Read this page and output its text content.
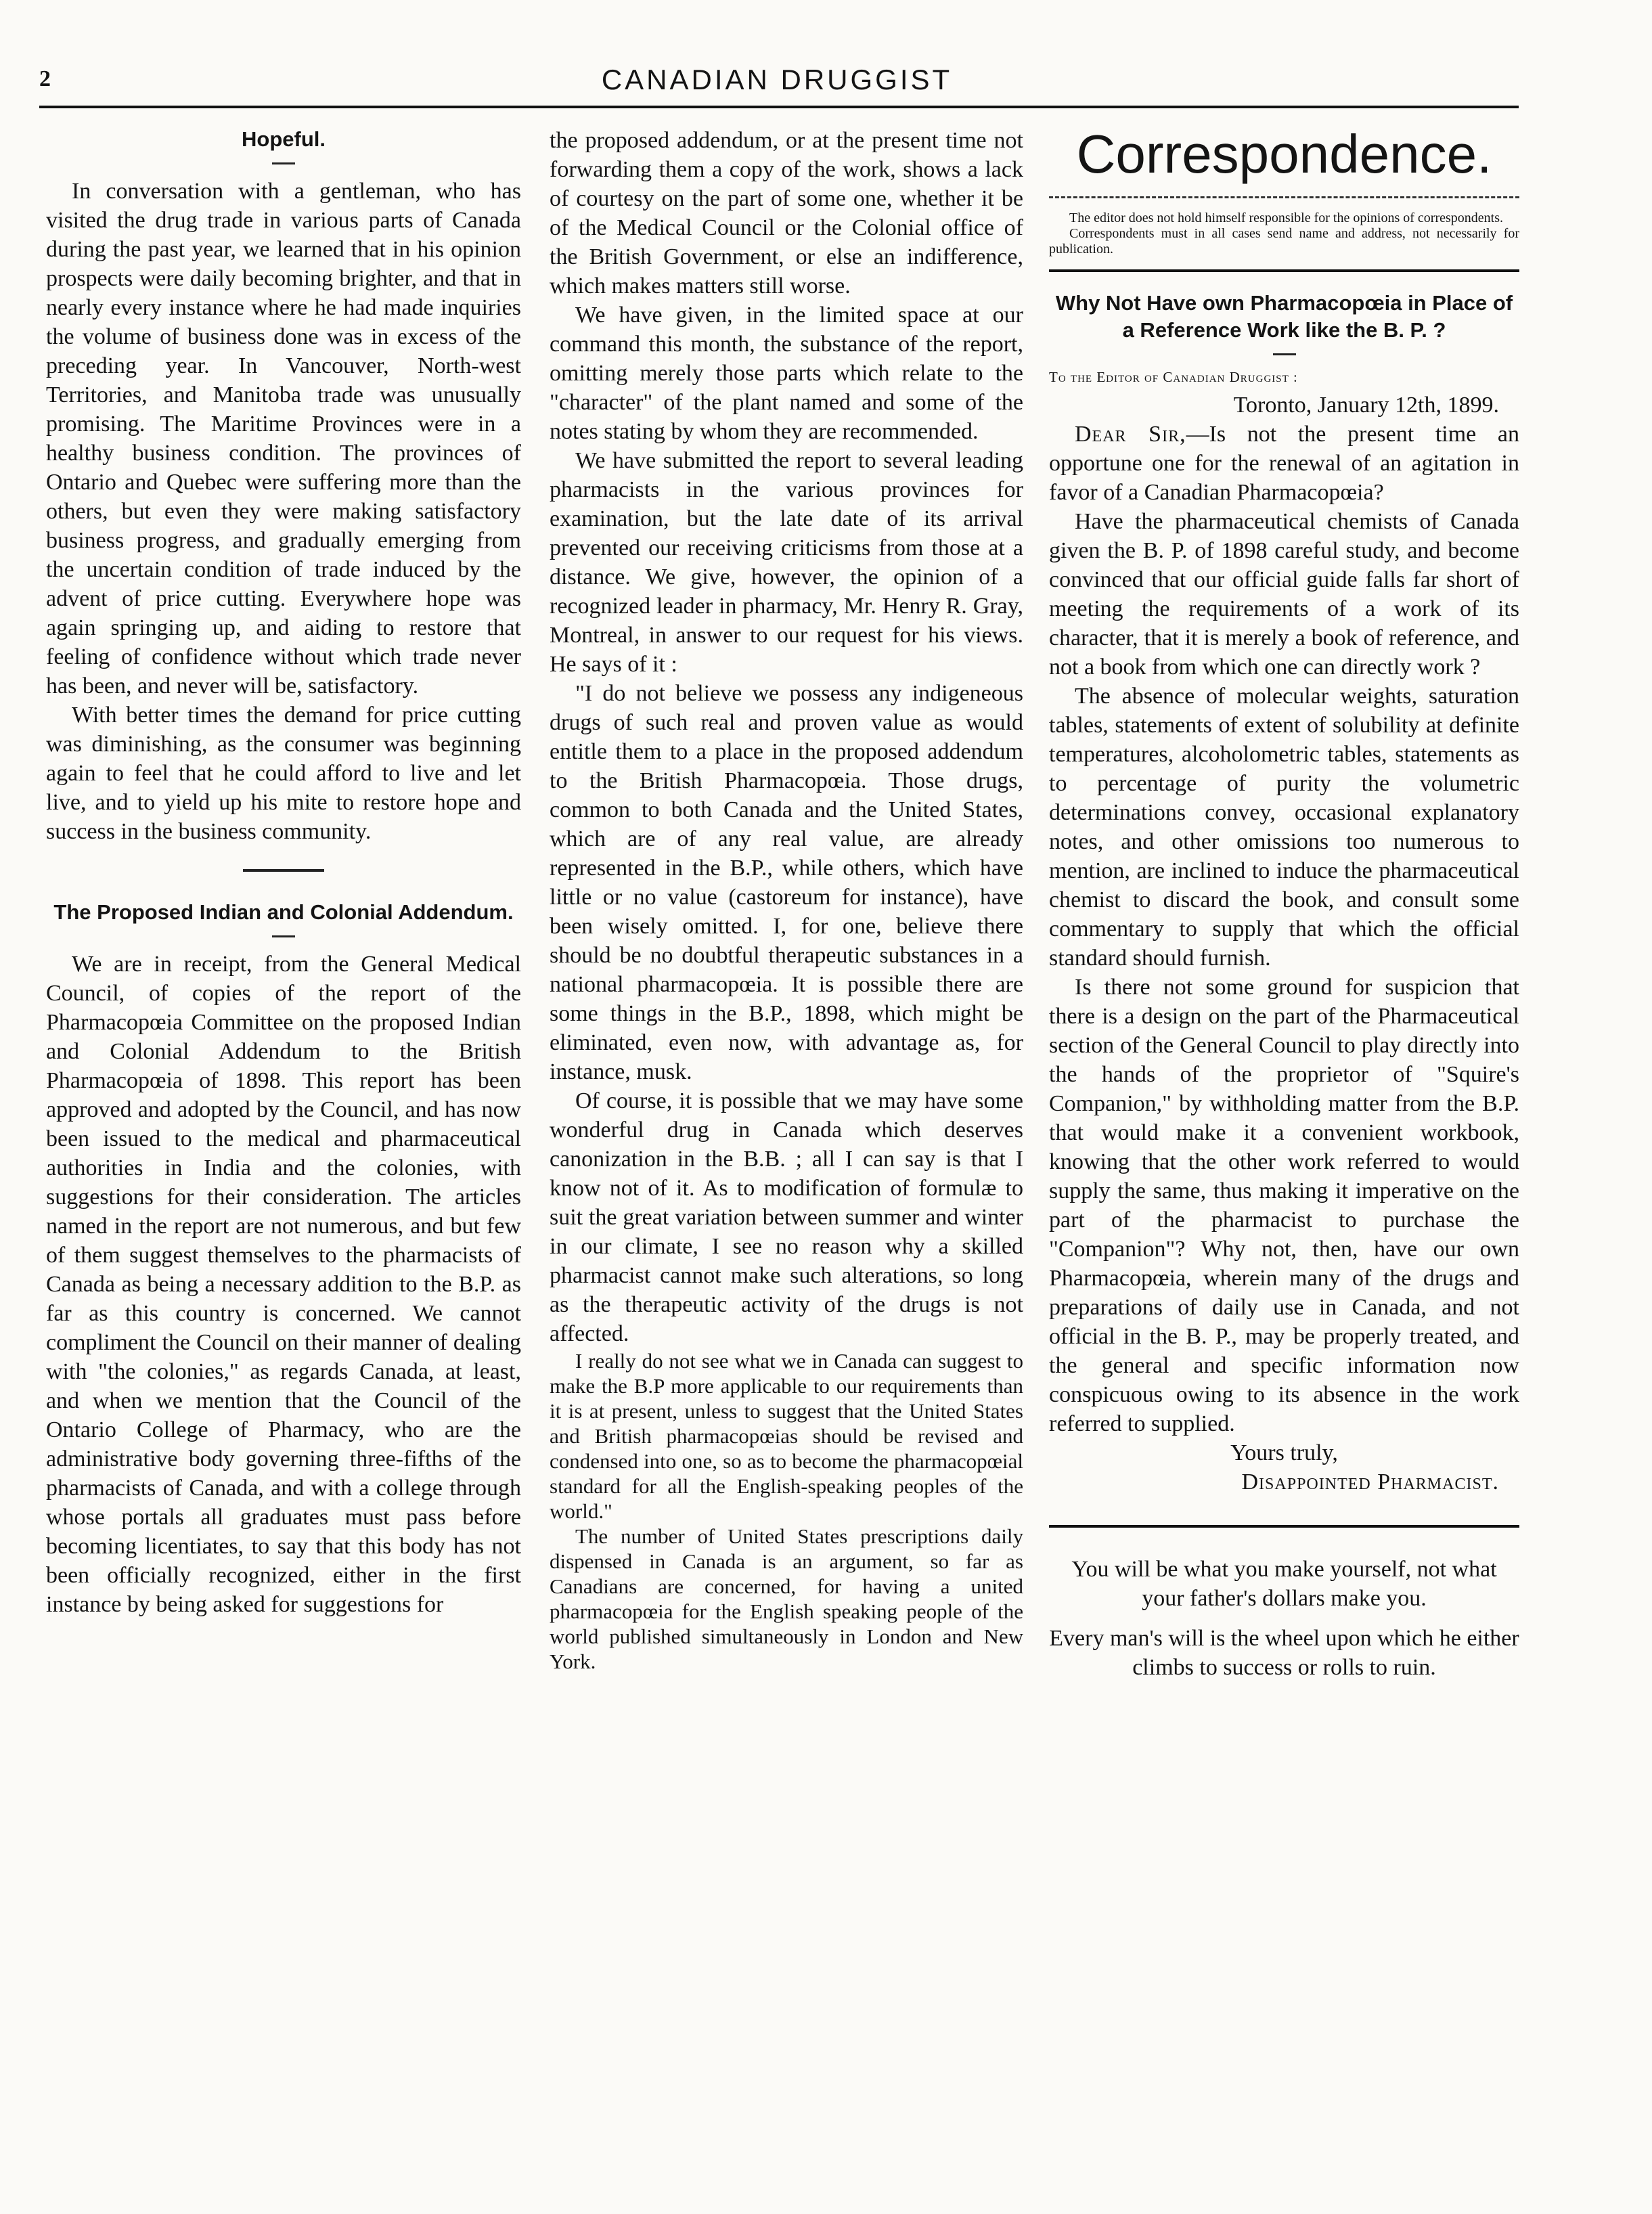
2	CANADIAN DRUGGIST
Hopeful.

In conversation with a gentleman, who has visited the drug trade in various parts of Canada during the past year, we learned that in his opinion prospects were daily becoming brighter, and that in nearly every instance where he had made inquiries the volume of business done was in excess of the preceding year. In Vancouver, North-west Territories, and Manitoba trade was unusually promising. The Maritime Provinces were in a healthy business condition. The provinces of Ontario and Quebec were suffering more than the others, but even they were making satisfactory business progress, and gradually emerging from the uncertain condition of trade induced by the advent of price cutting. Everywhere hope was again springing up, and aiding to restore that feeling of confidence without which trade never has been, and never will be, satisfactory.

With better times the demand for price cutting was diminishing, as the consumer was beginning again to feel that he could afford to live and let live, and to yield up his mite to restore hope and success in the business community.

The Proposed Indian and Colonial Addendum.

We are in receipt, from the General Medical Council, of copies of the report of the Pharmacopœia Committee on the proposed Indian and Colonial Addendum to the British Pharmacopœia of 1898. This report has been approved and adopted by the Council, and has now been issued to the medical and pharmaceutical authorities in India and the colonies, with suggestions for their consideration. The articles named in the report are not numerous, and but few of them suggest themselves to the pharmacists of Canada as being a necessary addition to the B.P. as far as this country is concerned. We cannot compliment the Council on their manner of dealing with "the colonies," as regards Canada, at least, and when we mention that the Council of the Ontario College of Pharmacy, who are the administrative body governing three-fifths of the pharmacists of Canada, and with a college through whose portals all graduates must pass before becoming licentiates, to say that this body has not been officially recognized, either in the first instance by being asked for suggestions for

the proposed addendum, or at the present time not forwarding them a copy of the work, shows a lack of courtesy on the part of some one, whether it be of the Medical Council or the Colonial office of the British Government, or else an indifference, which makes matters still worse.

We have given, in the limited space at our command this month, the substance of the report, omitting merely those parts which relate to the "character" of the plant named and some of the notes stating by whom they are recommended.

We have submitted the report to several leading pharmacists in the various provinces for examination, but the late date of its arrival prevented our receiving criticisms from those at a distance. We give, however, the opinion of a recognized leader in pharmacy, Mr. Henry R. Gray, Montreal, in answer to our request for his views. He says of it :

"I do not believe we possess any indigeneous drugs of such real and proven value as would entitle them to a place in the proposed addendum to the British Pharmacopœia. Those drugs, common to both Canada and the United States, which are of any real value, are already represented in the B.P., while others, which have little or no value (castoreum for instance), have been wisely omitted. I, for one, believe there should be no doubtful therapeutic substances in a national pharmacopœia. It is possible there are some things in the B.P., 1898, which might be eliminated, even now, with advantage as, for instance, musk.

Of course, it is possible that we may have some wonderful drug in Canada which deserves canonization in the B.B. ; all I can say is that I know not of it. As to modification of formulæ to suit the great variation between summer and winter in our climate, I see no reason why a skilled pharmacist cannot make such alterations, so long as the therapeutic activity of the drugs is not affected.

I really do not see what we in Canada can suggest to make the B.P more applicable to our requirements than it is at present, unless to suggest that the United States and British pharmacopœias should be revised and condensed into one, so as to become the pharmacopœial standard for all the English-speaking peoples of the world."

The number of United States prescriptions daily dispensed in Canada is an argument, so far as Canadians are concerned, for having a united pharmacopœia for the English speaking people of the world published simultaneously in London and New York.

Correspondence.
The editor does not hold himself responsible for the opinions of correspondents.
Correspondents must in all cases send name and address, not necessarily for publication.
Why Not Have own Pharmacopœia in Place of a Reference Work like the B. P. ?
To the Editor of Canadian Druggist :

Toronto, January 12th, 1899.

Dear Sir,—Is not the present time an opportune one for the renewal of an agitation in favor of a Canadian Pharmacopœia?

Have the pharmaceutical chemists of Canada given the B. P. of 1898 careful study, and become convinced that our official guide falls far short of meeting the requirements of a work of its character, that it is merely a book of reference, and not a book from which one can directly work ?

The absence of molecular weights, saturation tables, statements of extent of solubility at definite temperatures, alcoholometric tables, statements as to percentage of purity the volumetric determinations convey, occasional explanatory notes, and other omissions too numerous to mention, are inclined to induce the pharmaceutical chemist to discard the book, and consult some commentary to supply that which the official standard should furnish.

Is there not some ground for suspicion that there is a design on the part of the Pharmaceutical section of the General Council to play directly into the hands of the proprietor of "Squire's Companion," by withholding matter from the B.P. that would make it a convenient workbook, knowing that the other work referred to would supply the same, thus making it imperative on the part of the pharmacist to purchase the "Companion"? Why not, then, have our own Pharmacopœia, wherein many of the drugs and preparations of daily use in Canada, and not official in the B. P., may be properly treated, and the general and specific information now conspicuous owing to its absence in the work referred to supplied.

Yours truly,

Disappointed Pharmacist.

You will be what you make yourself, not what your father's dollars make you.

Every man's will is the wheel upon which he either climbs to success or rolls to ruin.
